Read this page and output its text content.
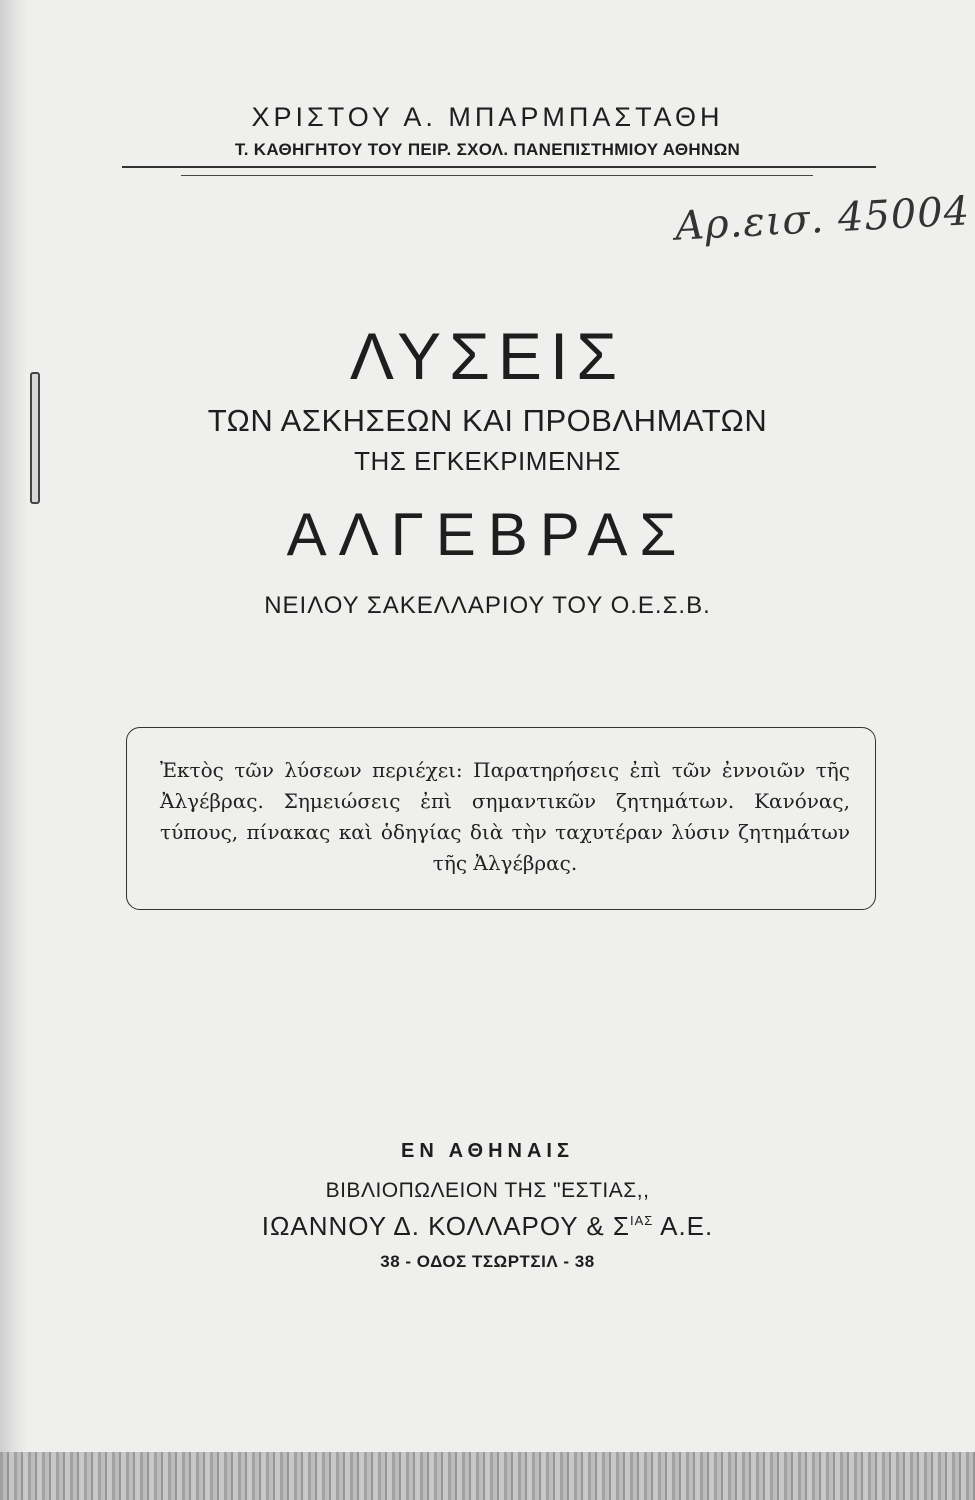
ΧΡΙΣΤΟΥ Α. ΜΠΑΡΜΠΑΣΤΑΘΗ
Τ. ΚΑΘΗΓΗΤΟΥ ΤΟΥ ΠΕΙΡ. ΣΧΟΛ. ΠΑΝΕΠΙΣΤΗΜΙΟΥ ΑΘΗΝΩΝ
Αρ.εισ. 45004
ΛΥΣΕΙΣ
ΤΩΝ ΑΣΚΗΣΕΩΝ ΚΑΙ ΠΡΟΒΛΗΜΑΤΩΝ
ΤΗΣ ΕΓΚΕΚΡΙΜΕΝΗΣ
ΑΛΓΕΒΡΑΣ
ΝΕΙΛΟΥ ΣΑΚΕΛΛΑΡΙΟΥ ΤΟΥ Ο.Ε.Σ.Β.
Ἐκτὸς τῶν λύσεων περιέχει: Παρατηρήσεις ἐπὶ τῶν ἐννοιῶν τῆς Ἀλγέβρας. Σημειώσεις ἐπὶ σημαντικῶν ζητημάτων. Κανόνας, τύπους, πίνακας καὶ ὁδηγίας διὰ τὴν ταχυτέραν λύσιν ζητημάτων τῆς Ἀλγέβρας.
ΕΝ ΑΘΗΝΑΙΣ
ΒΙΒΛΙΟΠΩΛΕΙΟΝ ΤΗΣ "ΕΣΤΙΑΣ,,
ΙΩΑΝΝΟΥ Δ. ΚΟΛΛΑΡΟΥ & $\Sigma^{IA\Sigma}$ Α.Ε.
38 - ΟΔΟΣ ΤΣΩΡΤΣΙΛ - 38
